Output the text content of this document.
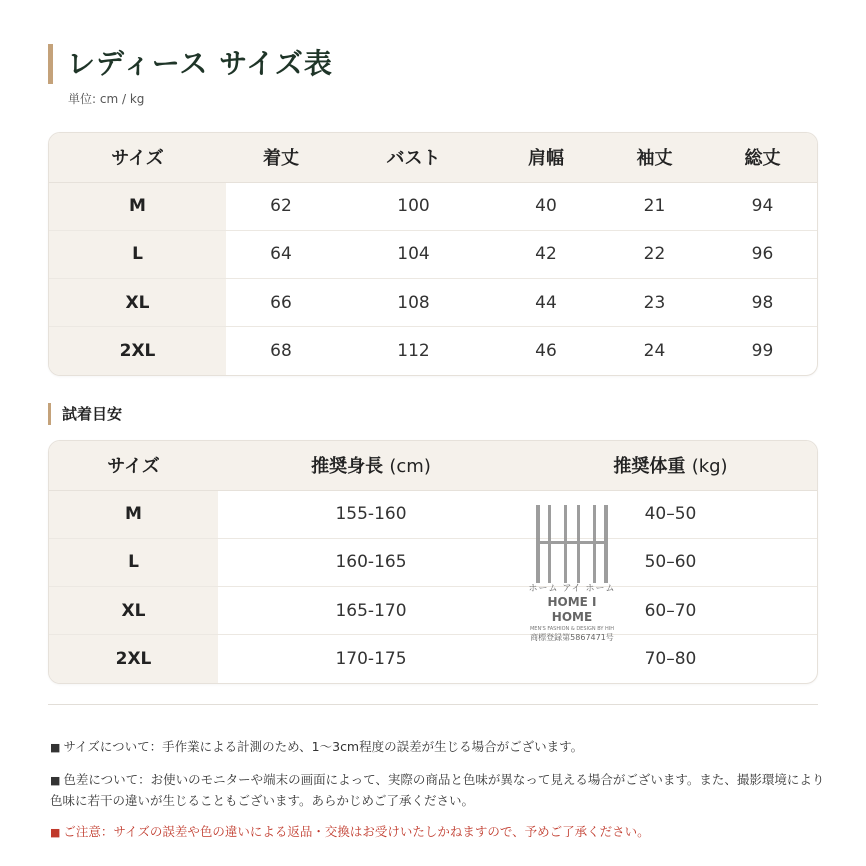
レディース サイズ表
単位: cm / kg
サイズ	着丈	バスト	肩幅	袖丈	総丈
M	62	100	40	21	94
L	64	104	42	22	96
XL	66	108	44	23	98
2XL	68	112	46	24	99
試着目安
サイズ	推奨身長 (cm)	推奨体重 (kg)
M	155-160	40–50
L	160-165	50–60
XL	165-170	60–70
2XL	170-175	70–80
ホーム アイ ホーム
HOME I HOME
MEN'S FASHION & DESIGN BY HIH
商標登録第5867471号
■ サイズについて：手作業による計測のため、1～3cm程度の誤差が生じる場合がございます。
■ 色差について：お使いのモニターや端末の画面によって、実際の商品と色味が異なって見える場合がございます。また、撮影環境により色味に若干の違いが生じることもございます。あらかじめご了承ください。
■ ご注意：サイズの誤差や色の違いによる返品・交換はお受けいたしかねますので、予めご了承ください。
